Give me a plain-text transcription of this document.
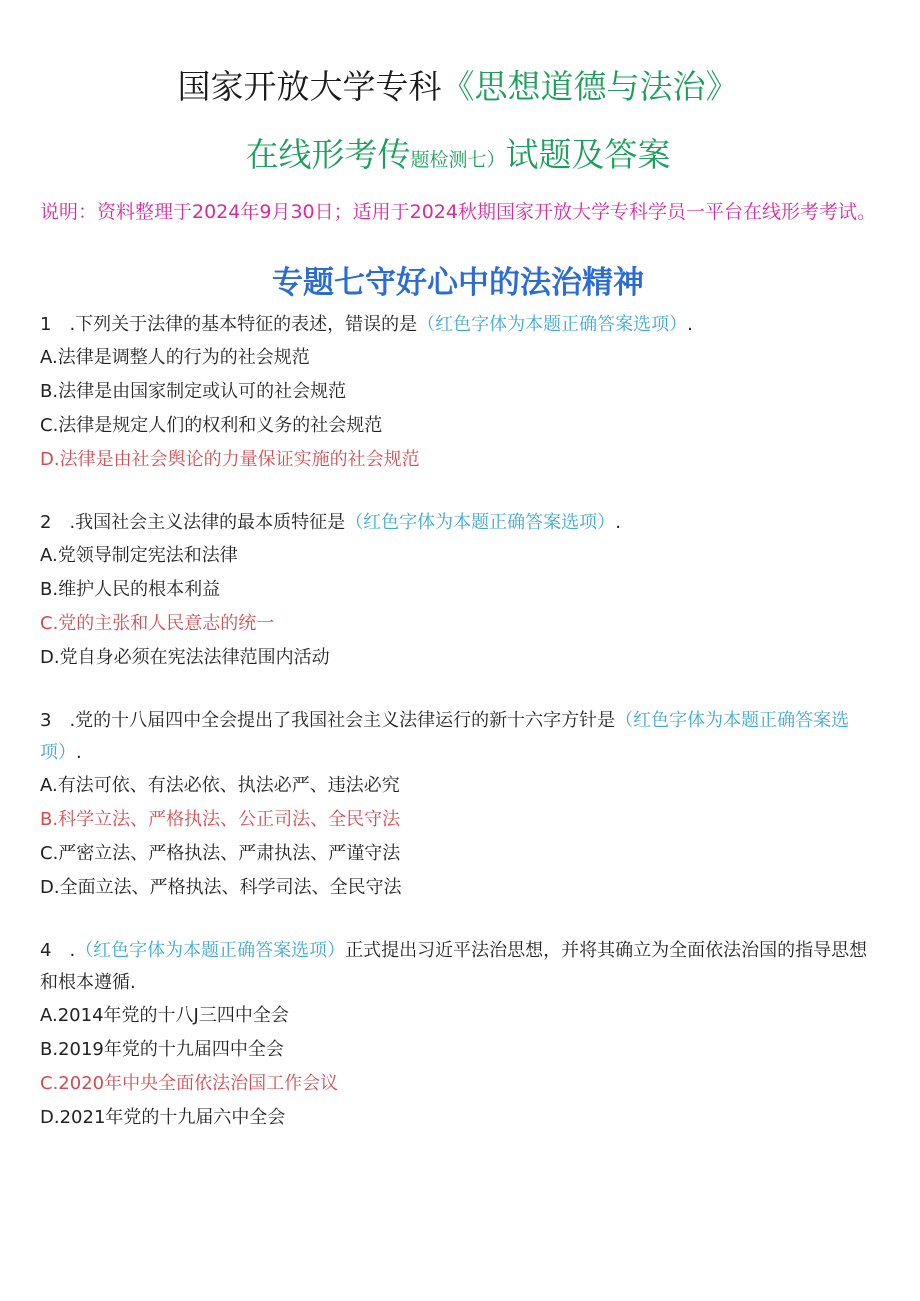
国家开放大学专科《思想道德与法治》

在线形考传题检测七）试题及答案

说明：资料整理于2024年9月30日；适用于2024秋期国家开放大学专科学员一平台在线形考考试。

专题七守好心中的法治精神

1　.下列关于法律的基本特征的表述，错误的是（红色字体为本题正确答案选项）.

A.法律是调整人的行为的社会规范

B.法律是由国家制定或认可的社会规范

C.法律是规定人们的权利和义务的社会规范

D.法律是由社会舆论的力量保证实施的社会规范

2　.我国社会主义法律的最本质特征是（红色字体为本题正确答案选项）.

A.党领导制定宪法和法律

B.维护人民的根本利益

C.党的主张和人民意志的统一

D.党自身必须在宪法法律范围内活动

3　.党的十八届四中全会提出了我国社会主义法律运行的新十六字方针是（红色字体为本题正确答案选项）.

A.有法可依、有法必依、执法必严、违法必究

B.科学立法、严格执法、公正司法、全民守法

C.严密立法、严格执法、严肃执法、严谨守法

D.全面立法、严格执法、科学司法、全民守法

4　.（红色字体为本题正确答案选项）正式提出习近平法治思想，并将其确立为全面依法治国的指导思想和根本遵循.

A.2014年党的十八J三四中全会

B.2019年党的十九届四中全会

C.2020年中央全面依法治国工作会议

D.2021年党的十九届六中全会
